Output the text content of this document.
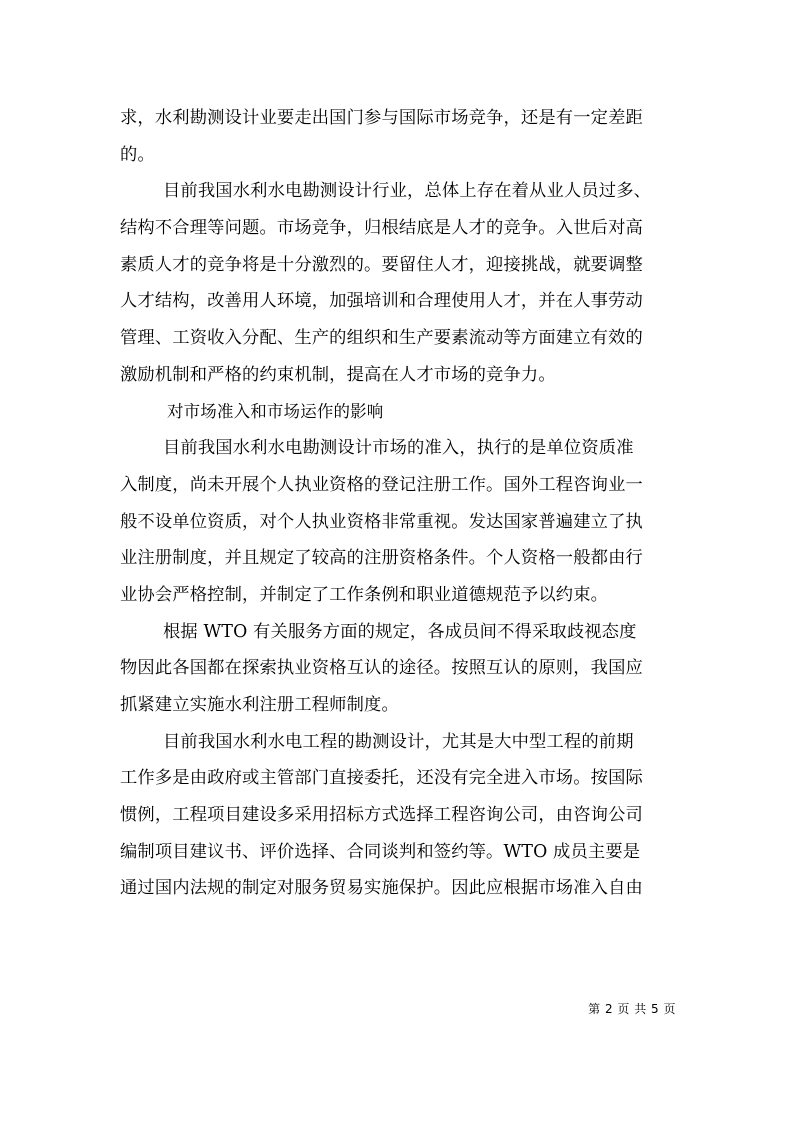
求，水利勘测设计业要走出国门参与国际市场竞争，还是有一定差距
的。
目前我国水利水电勘测设计行业，总体上存在着从业人员过多、
结构不合理等问题。市场竞争，归根结底是人才的竞争。入世后对高
素质人才的竞争将是十分激烈的。要留住人才，迎接挑战，就要调整
人才结构，改善用人环境，加强培训和合理使用人才，并在人事劳动
管理、工资收入分配、生产的组织和生产要素流动等方面建立有效的
激励机制和严格的约束机制，提高在人才市场的竞争力。
对市场准入和市场运作的影响
目前我国水利水电勘测设计市场的准入，执行的是单位资质准
入制度，尚未开展个人执业资格的登记注册工作。国外工程咨询业一
般不设单位资质，对个人执业资格非常重视。发达国家普遍建立了执
业注册制度，并且规定了较高的注册资格条件。个人资格一般都由行
业协会严格控制，并制定了工作条例和职业道德规范予以约束。
根据 WTO 有关服务方面的规定，各成员间不得采取歧视态度
物因此各国都在探索执业资格互认的途径。按照互认的原则，我国应
抓紧建立实施水利注册工程师制度。
目前我国水利水电工程的勘测设计，尤其是大中型工程的前期
工作多是由政府或主管部门直接委托，还没有完全进入市场。按国际
惯例，工程项目建设多采用招标方式选择工程咨询公司，由咨询公司
编制项目建议书、评价选择、合同谈判和签约等。WTO 成员主要是
通过国内法规的制定对服务贸易实施保护。因此应根据市场准入自由
第 2 页 共 5 页
